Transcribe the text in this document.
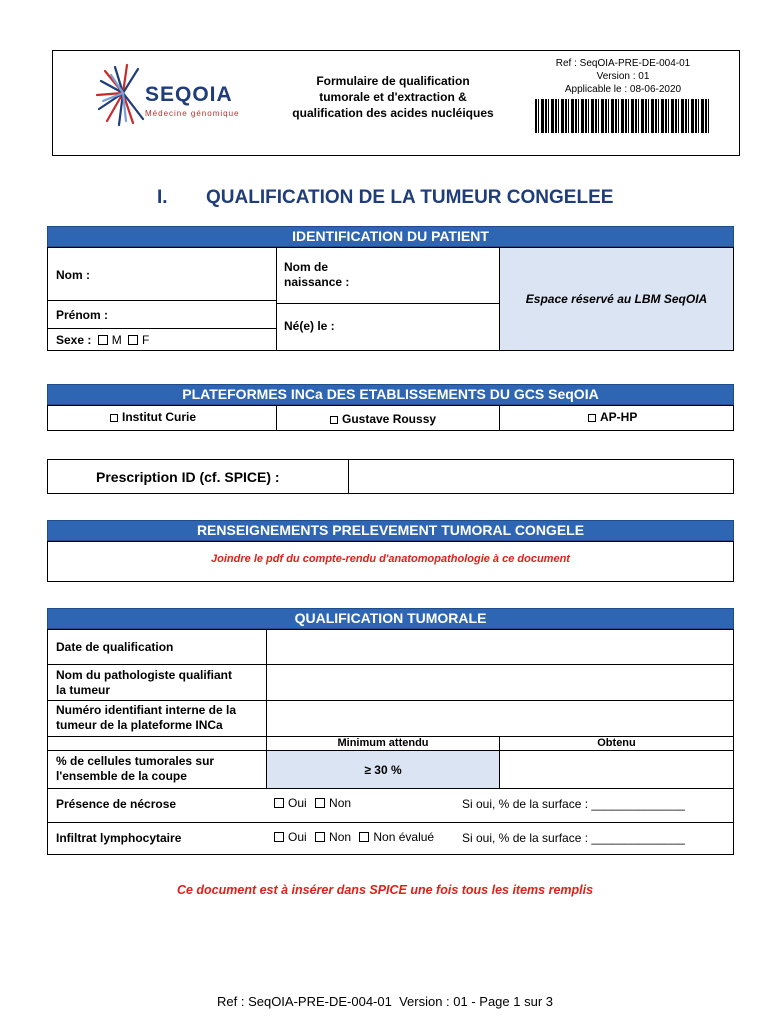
SEQOIA
Médecine génomique
Formulaire de qualification
tumorale et d'extraction &
qualification des acides nucléiques
Ref : SeqOIA-PRE-DE-004-01
Version : 01
Applicable le : 08-06-2020
I. QUALIFICATION DE LA TUMEUR CONGELEE
IDENTIFICATION DU PATIENT
Nom :
Nom de
naissance :
Prénom :
Né(e) le :
Sexe : M F
Espace réservé au LBM SeqOIA
PLATEFORMES INCa DES ETABLISSEMENTS DU GCS SeqOIA
Institut Curie	Gustave Roussy	AP-HP
Prescription ID (cf. SPICE) :
RENSEIGNEMENTS PRELEVEMENT TUMORAL CONGELE
Joindre le pdf du compte-rendu d'anatomopathologie à ce document
QUALIFICATION TUMORALE
Date de qualification
Nom du pathologiste qualifiant
la tumeur
Numéro identifiant interne de la
tumeur de la plateforme INCa
Minimum attendu	Obtenu
% de cellules tumorales sur
l'ensemble de la coupe	≥ 30 %
Présence de nécrose	Oui Non	Si oui, % de la surface : ______________
Infiltrat lymphocytaire	Oui Non Non évalué Si oui, % de la surface : ______________
Ce document est à insérer dans SPICE une fois tous les items remplis
Ref : SeqOIA-PRE-DE-004-01  Version : 01 - Page 1 sur 3
